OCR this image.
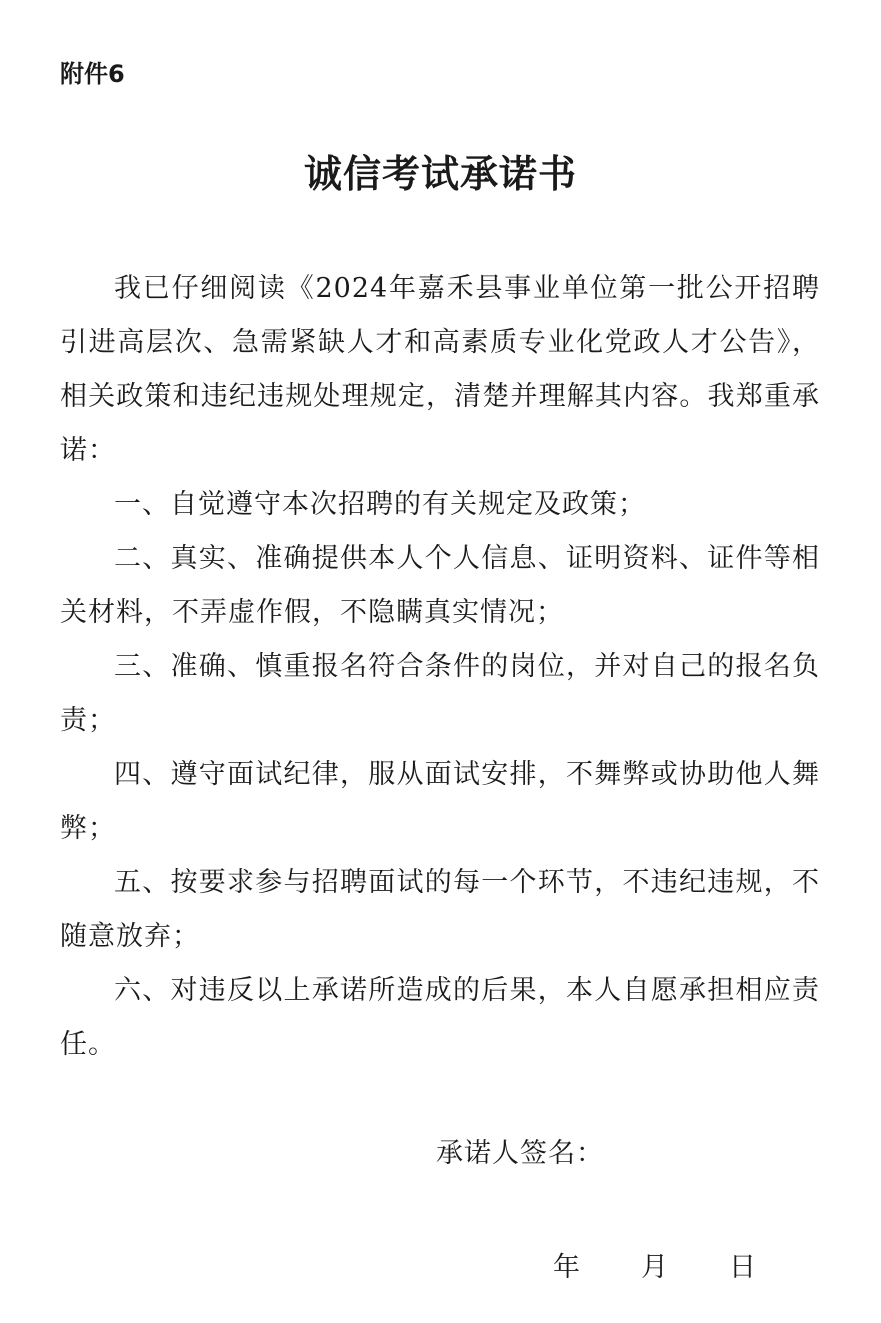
附件6
诚信考试承诺书

我已仔细阅读《2024年嘉禾县事业单位第一批公开招聘引进高层次、急需紧缺人才和高素质专业化党政人才公告》，相关政策和违纪违规处理规定，清楚并理解其内容。我郑重承诺：

一、自觉遵守本次招聘的有关规定及政策；

二、真实、准确提供本人个人信息、证明资料、证件等相关材料，不弄虚作假，不隐瞒真实情况；

三、准确、慎重报名符合条件的岗位，并对自己的报名负责；

四、遵守面试纪律，服从面试安排，不舞弊或协助他人舞弊；

五、按要求参与招聘面试的每一个环节，不违纪违规，不随意放弃；

六、对违反以上承诺所造成的后果，本人自愿承担相应责任。

承诺人签名：
年 月 日
